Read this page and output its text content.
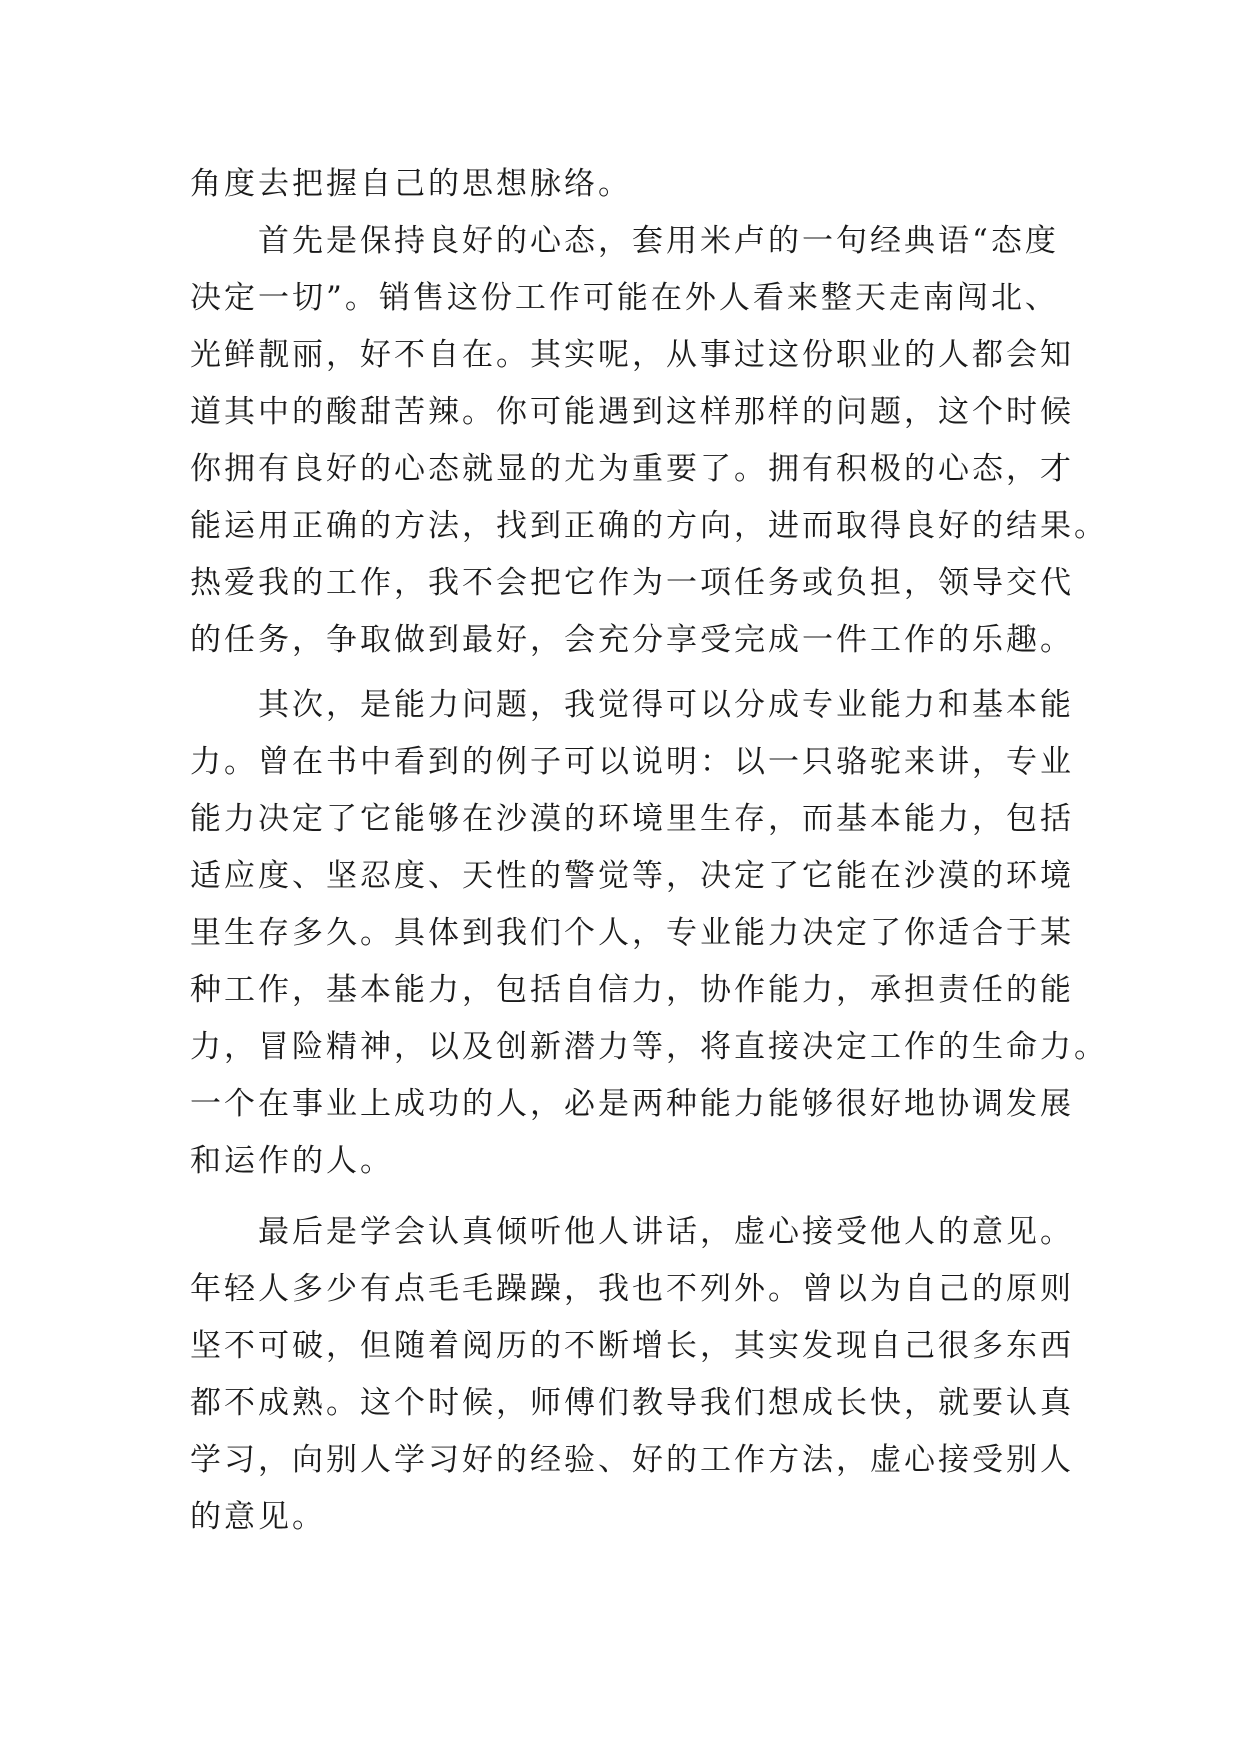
角度去把握自己的思想脉络。
首先是保持良好的心态，套用米卢的一句经典语“态度
决定一切”。销售这份工作可能在外人看来整天走南闯北、
光鲜靓丽，好不自在。其实呢，从事过这份职业的人都会知
道其中的酸甜苦辣。你可能遇到这样那样的问题，这个时候
你拥有良好的心态就显的尤为重要了。拥有积极的心态，才
能运用正确的方法，找到正确的方向，进而取得良好的结果。
热爱我的工作，我不会把它作为一项任务或负担，领导交代
的任务，争取做到最好，会充分享受完成一件工作的乐趣。
其次，是能力问题，我觉得可以分成专业能力和基本能
力。曾在书中看到的例子可以说明：以一只骆驼来讲，专业
能力决定了它能够在沙漠的环境里生存，而基本能力，包括
适应度、坚忍度、天性的警觉等，决定了它能在沙漠的环境
里生存多久。具体到我们个人，专业能力决定了你适合于某
种工作，基本能力，包括自信力，协作能力，承担责任的能
力，冒险精神，以及创新潜力等，将直接决定工作的生命力。
一个在事业上成功的人，必是两种能力能够很好地协调发展
和运作的人。
最后是学会认真倾听他人讲话，虚心接受他人的意见。
年轻人多少有点毛毛躁躁，我也不列外。曾以为自己的原则
坚不可破，但随着阅历的不断增长，其实发现自己很多东西
都不成熟。这个时候，师傅们教导我们想成长快，就要认真
学习，向别人学习好的经验、好的工作方法，虚心接受别人
的意见。
